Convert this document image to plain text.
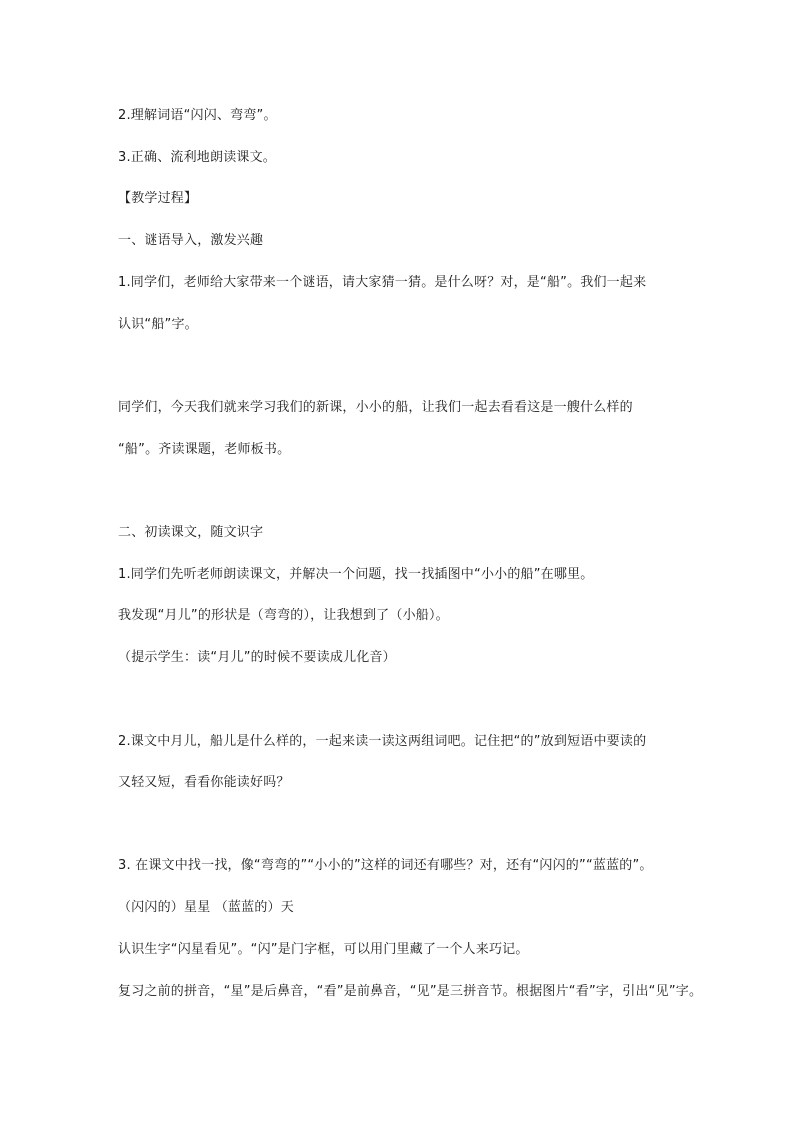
2.理解词语“闪闪、弯弯”。
3.正确、流利地朗读课文。
【教学过程】
一、谜语导入，激发兴趣
1.同学们，老师给大家带来一个谜语，请大家猜一猜。是什么呀？对，是“船”。我们一起来
认识“船”字。
同学们，今天我们就来学习我们的新课，小小的船，让我们一起去看看这是一艘什么样的
“船”。齐读课题，老师板书。
二、初读课文，随文识字
1.同学们先听老师朗读课文，并解决一个问题，找一找插图中“小小的船”在哪里。
我发现“月儿”的形状是（弯弯的），让我想到了（小船）。
（提示学生：读“月儿”的时候不要读成儿化音）
2.课文中月儿，船儿是什么样的，一起来读一读这两组词吧。记住把“的”放到短语中要读的
又轻又短，看看你能读好吗？
3. 在课文中找一找，像“弯弯的”“小小的”这样的词还有哪些？对，还有“闪闪的”“蓝蓝的”。
（闪闪的）星星 （蓝蓝的）天
认识生字“闪星看见”。“闪”是门字框，可以用门里藏了一个人来巧记。
复习之前的拼音，“星”是后鼻音，“看”是前鼻音，“见”是三拼音节。根据图片“看”字，引出“见”字。
